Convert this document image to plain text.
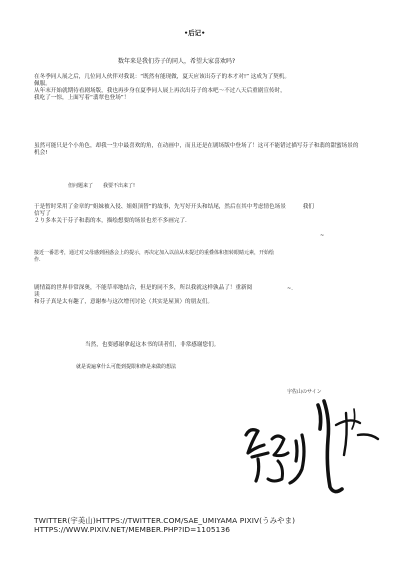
•后记•
数年来是我们芬子的同人，希望大家喜欢吗?
在冬季同人展之后，几位同人伙伴对我说：“既然有能现做，夏天应该出芬子的本才对!” 这成为了契机。
佩服。
从年末开始就期待看剧场版，我也再步身在夏季同人展上再次出芬子的本吧～不过八天后重剧宣传时，
我吃了一惊，上面写着“翡翠也登场”！
虽然可能只是个小角色，却我一生中最喜欢的角，在动画中，而且还是在剧场版中登场了！这可不能错过描写芬子和翡的甜蜜场景的
机会!
但问题来了　　我要不出来了!
于是暂时采用了金章的“姐妹被入侵、姐姐顶替”的故事，先写好开头和结尾，然后在其中考虑情色场景　　　我们
信写了
２り多本关于芬子和翡的本，描绘想要的场景也差不多画完了.
~
接近一番思考，通过对父母感到困惑会上的提示，再决定加入以前从未提过的重叠体和扭转眼睛元素，开始绘
作.
剧情篇的世界非常深奥，不能草率地结合，但是的同不多，所以我就这样孰品了！重新阅
读
和芬子真是太有趣了，意谢参与这次增刊讨论（其实是屋顶）的朋友们。
~.
当然，也要感谢拿起这本书的读者们，非常感谢您们。
就是说遍拿什么可能到提限和修是来做的想法
宇佐山のサイン
TWITTER(宇美山)HTTPS://TWITTER.COM/SAE_UMIYAMA PIXIV(うみやま)
HTTPS://WWW.PIXIV.NET/MEMBER.PHP?ID=1105136
